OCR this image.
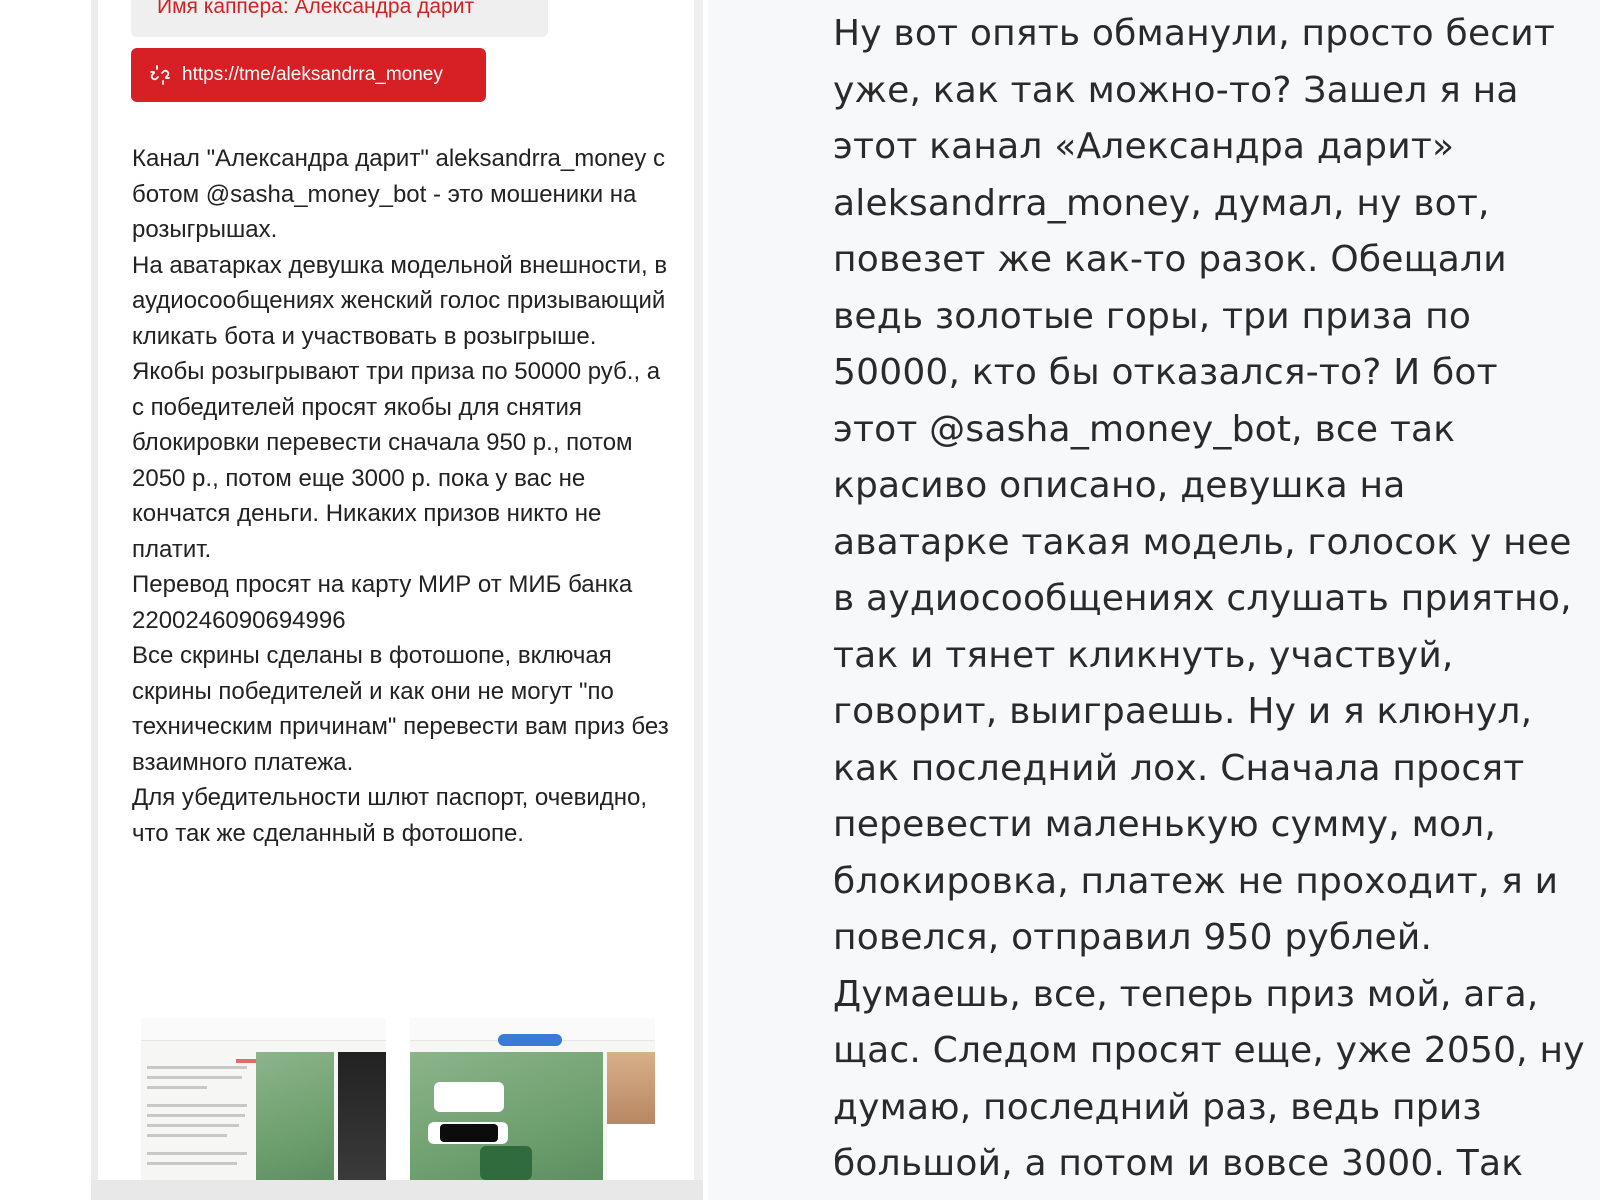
Имя каппера: Александра дарит
https://tme/aleksandrra_money

Канал "Александра дарит" aleksandrra_money с ботом @sasha_money_bot - это мошеники на розыгрышах.

На аватарках девушка модельной внешности, в аудиосообщениях женский голос призывающий кликать бота и участвовать в розыгрыше.

Якобы розыгрывают три приза по 50000 руб., а с победителей просят якобы для снятия блокировки перевести сначала 950 р., потом 2050 р., потом еще 3000 р. пока у вас не кончатся деньги. Никаких призов никто не платит.

Перевод просят на карту МИР от МИБ банка 2200246090694996

Все скрины сделаны в фотошопе, включая скрины победителей и как они не могут "по техническим причинам" перевести вам приз без взаимного платежа.

Для убедительности шлют паспорт, очевидно, что так же сделанный в фотошопе.

Ну вот опять обманули, просто бесит уже, как так можно-то? Зашел я на этот канал «Александра дарит» aleksandrra_money, думал, ну вот, повезет же как-то разок. Обещали ведь золотые горы, три приза по 50000, кто бы отказался-то? И бот этот @sasha_money_bot, все так красиво описано, девушка на аватарке такая модель, голосок у нее в аудиосообщениях слушать приятно, так и тянет кликнуть, участвуй, говорит, выиграешь. Ну и я клюнул, как последний лох. Сначала просят перевести маленькую сумму, мол, блокировка, платеж не проходит, я и повелся, отправил 950 рублей. Думаешь, все, теперь приз мой, ага, щас. Следом просят еще, уже 2050, ну думаю, последний раз, ведь приз большой, а потом и вовсе 3000. Так
